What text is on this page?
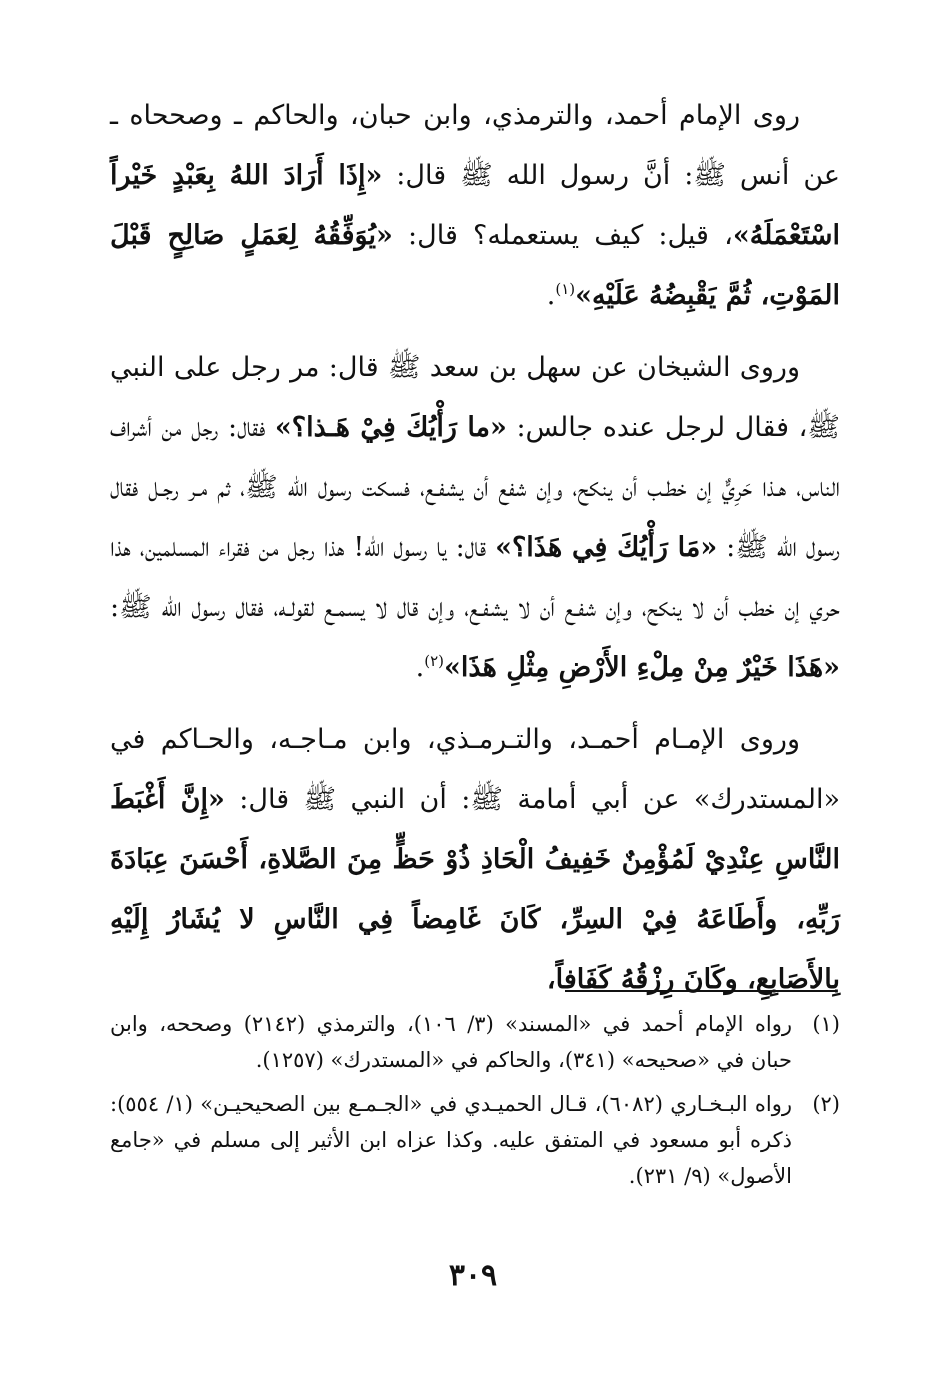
روى الإمام أحمد، والترمذي، وابن حبان، والحاكم ـ وصححاه ـ عن أنس ﷺ: أنَّ رسول الله ﷺ قال: «إِذَا أَرَادَ اللهُ بِعَبْدٍ خَيْراً اسْتَعْمَلَهُ»، قيل: كيف يستعمله؟ قال: «يُوَفِّقُهُ لِعَمَلٍ صَالِحٍ قَبْلَ المَوْتِ، ثُمَّ يَقْبِضُهُ عَلَيْهِ»$^{(١)}$.

وروى الشيخان عن سهل بن سعد ﷺ قال: مر رجل على النبي ﷺ، فقال لرجل عنده جالس: «ما رَأْيُكَ فِيْ هَـذا؟» فقال: رجل من أشراف الناس، هـذا حَرِيٌّ إن خطـب أن ينكح، وإن شفع أن يشفـع، فسكت رسول الله ﷺ، ثم مـر رجـل فقال رسول الله ﷺ: «مَا رَأْيُكَ فِي هَذَا؟» قال: يا رسول الله! هذا رجل من فقراء المسلمين، هذا حري إن خطب أن لا ينكح، وإن شفـع أن لا يشفـع، وإن قال لا يسمـع لقولـه، فقال رسول الله ﷺ: «هَذَا خَيْرٌ مِنْ مِلْءِ الأَرْضِ مِثْلِ هَذَا»$^{(٢)}$.

وروى الإمـام أحمـد، والتـرمـذي، وابن مـاجـه، والحـاكم في «المستدرك» عن أبي أمامة ﷺ: أن النبي ﷺ قال: «إِنَّ أَغْبَطَ النَّاسِ عِنْدِيْ لَمُؤْمِنٌ خَفِيفُ الْحَاذِ ذُوْ حَظٍّ مِنَ الصَّلاةِ، أَحْسَنَ عِبَادَةَ رَبِّهِ، وأَطَاعَهُ فِيْ السِرِّ، كَانَ غَامِضاً فِي النَّاسِ لا يُشَارُ إِلَيْهِ بِالأَصَابِعِ، وكَانَ رِزْقُهُ كَفَافاً،

(١)
رواه الإمام أحمد في «المسند» (٣/ ١٠٦)، والترمذي (٢١٤٢) وصححه، وابن حبان في «صحيحه» (٣٤١)، والحاكم في «المستدرك» (١٢٥٧).
(٢)
رواه البـخـاري (٦٠٨٢)، قـال الحميـدي في «الجـمـع بين الصحيحيـن» (١/ ٥٥٤): ذكره أبو مسعود في المتفق عليه. وكذا عزاه ابن الأثير إلى مسلم في «جامع الأصول» (٩/ ٢٣١).
٣٠٩
